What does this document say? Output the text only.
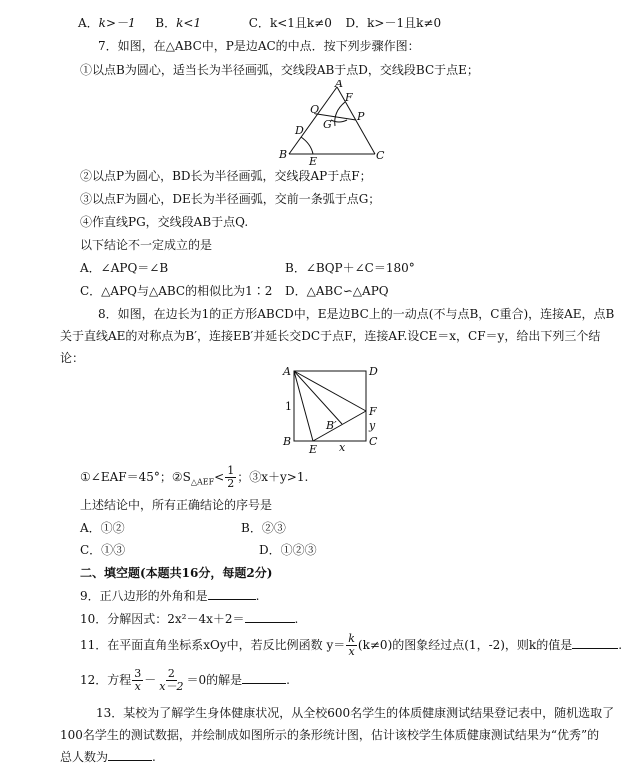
A．k>－1 B．k<1	C．k<1且k≠0 D．k>－1且k≠0
7．如图，在△ABC中，P是边AC的中点．按下列步骤作图：
①以点B为圆心，适当长为半径画弧，交线段AB于点D，交线段BC于点E；
A
F
Q
G
P
D
B
E	C
②以点P为圆心，BD长为半径画弧，交线段AP于点F；
③以点F为圆心，DE长为半径画弧，交前一条弧于点G；
④作直线PG，交线段AB于点Q.
以下结论不一定成立的是
A．∠APQ＝∠B	B．∠BQP＋∠C＝180°
C．△APQ与△ABC的相似比为1∶2 D．△ABC∽△APQ
8．如图，在边长为1的正方形ABCD中，E是边BC上的一动点(不与点B，C重合)，连接AE，点B
关于直线AE的对称点为B′，连接EB′并延长交DC于点F，连接AF.设CE＝x，CF＝y，给出下列三个结
论：
A	D
B	C
E
F
B′
1
x
y
①∠EAF＝45°；$②S_{\triangle AEF}< \frac{1}{2}$ ；③x＋y>1.
上述结论中，所有正确结论的序号是
A．①②	B．②③
C．①③	D．①②③
二、填空题(本题共16分，每题2分)
9．正八边形的外角和是	.
10．分解因式：2x²－4x＋2＝	.
11．在平面直角坐标系xOy中，若反比例函数 $y= \frac{k}{x} (k\ne 0)$的图象经过点(1，-2)，则k的值是	.
12．方程 $\frac{3}{x} - \frac{2}{x-2} =0$的解是	.
13．某校为了解学生身体健康状况，从全校600名学生的体质健康测试结果登记表中，随机选取了
100名学生的测试数据，并绘制成如图所示的条形统计图，估计该校学生体质健康测试结果为“优秀”的
总人数为	.
